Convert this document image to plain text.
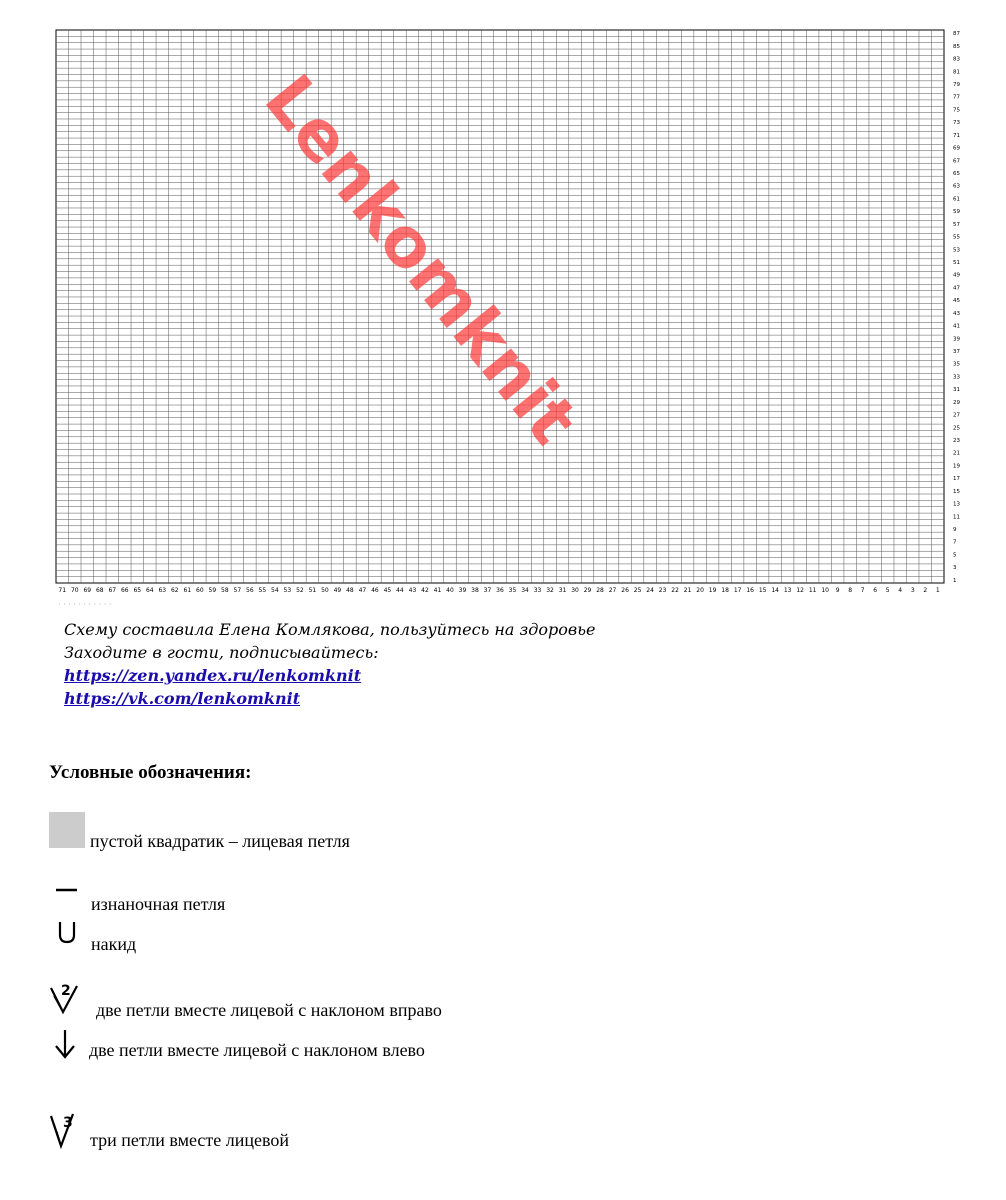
71 70 69 68 67 66 65 64 63 62 61 60 59 58 57 56 55 54 53 52 51 50 49 48 47 46 45 44 43 42 41 40 39 38 37 36 35 34 33 32 31 30 29 28 27 26 25 24 23 22 21 20 19 18 17 16 15 14 13 12 11 10 9 8 7 6 5 4 3 2 1
87
85
83
81
79
77
75
73
71
69
67
65
63
61
59
57
55
53
51
49
47
45
43
41
39
37
35
33
31
29
27
25
23
21
19
17
15
13
11
9
7
5
3
1
Lenkomknit
· · · · · · · · · · ·
Схему составила Елена Комлякова, пользуйтесь на здоровье
Заходите в гости, подписывайтесь:
https://zen.yandex.ru/lenkomknit
https://vk.com/lenkomknit
Условные обозначения:
пустой квадратик – лицевая петля
изнаночная петля
накид
2
две петли вместе лицевой с наклоном вправо
две петли вместе лицевой с наклоном влево
3
три петли вместе лицевой
